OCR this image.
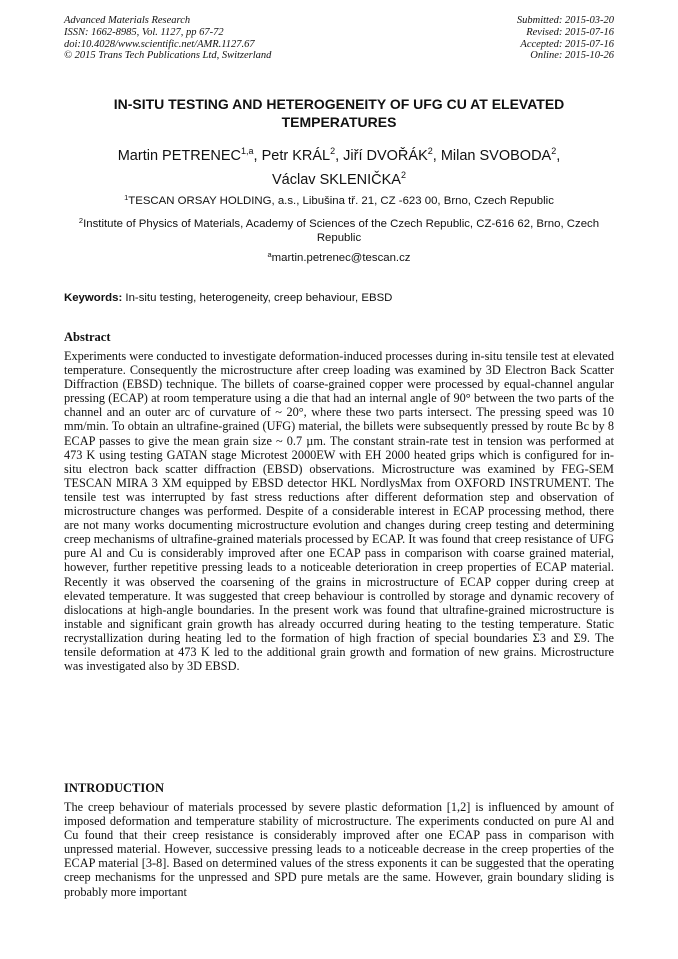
Advanced Materials Research
ISSN: 1662-8985, Vol. 1127, pp 67-72
doi:10.4028/www.scientific.net/AMR.1127.67
© 2015 Trans Tech Publications Ltd, Switzerland
Submitted: 2015-03-20
Revised: 2015-07-16
Accepted: 2015-07-16
Online: 2015-10-26
IN-SITU TESTING AND HETEROGENEITY OF UFG CU AT ELEVATED TEMPERATURES
Martin PETRENEC$^{1,a}$, Petr KRÁL$^2$, Jiří DVOŘÁK$^2$, Milan SVOBODA$^2$,
Václav SKLENIČKA$^2$
$^1$TESCAN ORSAY HOLDING, a.s., Libušina tř. 21, CZ -623 00, Brno, Czech Republic
$^2$Institute of Physics of Materials, Academy of Sciences of the Czech Republic, CZ-616 62, Brno, Czech Republic
$^a$martin.petrenec@tescan.cz
Keywords: In-situ testing, heterogeneity, creep behaviour, EBSD
Abstract

Experiments were conducted to investigate deformation-induced processes during in-situ tensile test at elevated temperature. Consequently the microstructure after creep loading was examined by 3D Electron Back Scatter Diffraction (EBSD) technique. The billets of coarse-grained copper were processed by equal-channel angular pressing (ECAP) at room temperature using a die that had an internal angle of 90° between the two parts of the channel and an outer arc of curvature of ~ 20°, where these two parts intersect. The pressing speed was 10 mm/min. To obtain an ultrafine-grained (UFG) material, the billets were subsequently pressed by route Bc by 8 ECAP passes to give the mean grain size ~ 0.7 µm. The constant strain-rate test in tension was performed at 473 K using testing GATAN stage Microtest 2000EW with EH 2000 heated grips which is configured for in-situ electron back scatter diffraction (EBSD) observations. Microstructure was examined by FEG-SEM TESCAN MIRA 3 XM equipped by EBSD detector HKL NordlysMax from OXFORD INSTRUMENT. The tensile test was interrupted by fast stress reductions after different deformation step and observation of microstructure changes was performed. Despite of a considerable interest in ECAP processing method, there are not many works documenting microstructure evolution and changes during creep testing and determining creep mechanisms of ultrafine-grained materials processed by ECAP. It was found that creep resistance of UFG pure Al and Cu is considerably improved after one ECAP pass in comparison with coarse grained material, however, further repetitive pressing leads to a noticeable deterioration in creep properties of ECAP material. Recently it was observed the coarsening of the grains in microstructure of ECAP copper during creep at elevated temperature. It was suggested that creep behaviour is controlled by storage and dynamic recovery of dislocations at high-angle boundaries. In the present work was found that ultrafine-grained microstructure is instable and significant grain growth has already occurred during heating to the testing temperature. Static recrystallization during heating led to the formation of high fraction of special boundaries Σ3 and Σ9. The tensile deformation at 473 K led to the additional grain growth and formation of new grains. Microstructure was investigated also by 3D EBSD.

INTRODUCTION

The creep behaviour of materials processed by severe plastic deformation [1,2] is influenced by amount of imposed deformation and temperature stability of microstructure. The experiments conducted on pure Al and Cu found that their creep resistance is considerably improved after one ECAP pass in comparison with unpressed material. However, successive pressing leads to a noticeable decrease in the creep properties of the ECAP material [3-8]. Based on determined values of the stress exponents it can be suggested that the operating creep mechanisms for the unpressed and SPD pure metals are the same. However, grain boundary sliding is probably more important
